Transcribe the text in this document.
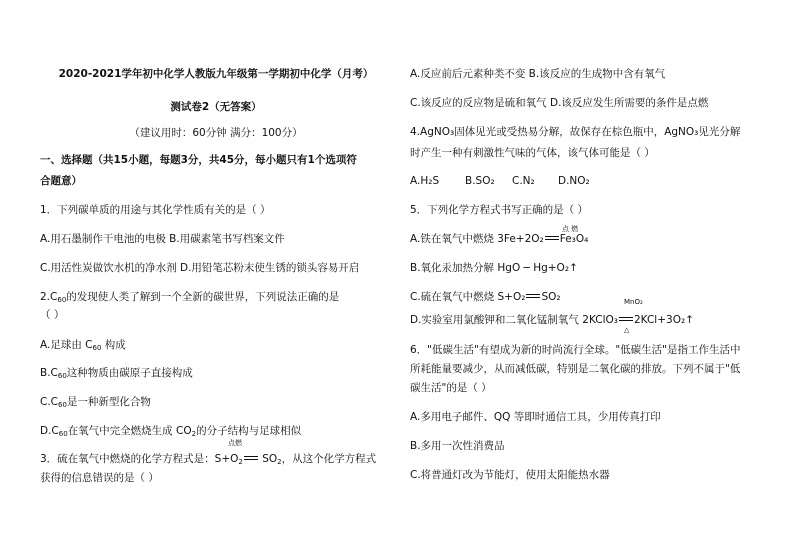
2020-2021学年初中化学人教版九年级第一学期初中化学（月考）
测试卷2（无答案）
（建议用时：60分钟 满分：100分）
一、选择题（共15小题，每题3分，共45分，每小题只有1个选项符
合题意）
1．下列碳单质的用途与其化学性质有关的是（ ）
A.用石墨制作干电池的电极 B.用碳素笔书写档案文件
C.用活性炭做饮水机的净水剂 D.用铅笔芯粉末使生锈的锁头容易开启
$2.C_{60}$的发现使人类了解到一个全新的碳世界，下列说法正确的是
（ ）
A.足球由 $C_{60}$ 构成
$B.C_{60}$这种物质由碳原子直接构成
$C.C_{60}$是一种新型化合物
$D.C_{60}$在氧气中完全燃烧生成 $CO_2$的分子结构与足球相似
点燃
3．硫在氧气中燃烧的化学方程式是：$S+O_2$ $SO_2$，从这个化学方程式
获得的信息错误的是（ ）
A.反应前后元素种类不变 B.该反应的生成物中含有氧气
C.该反应的反应物是硫和氧气 D.该反应发生所需要的条件是点燃
4.AgNO₃固体见光或受热易分解，故保存在棕色瓶中，AgNO₃见光分解
时产生一种有刺激性气味的气体，该气体可能是（ ）
A.H₂S B.SO₂ C.N₂ D.NO₂
5．下列化学方程式书写正确的是（ ）
点 燃
A.铁在氧气中燃烧 3Fe+2O₂ Fe₃O₄
B.氧化汞加热分解 HgO ─ Hg+O₂↑
C.硫在氧气中燃烧 S+O₂ SO₂	MnO₂
D.实验室用氯酸钾和二氧化锰制氧气 2KClO₃ 2KCl+3O₂↑
△
6．"低碳生活"有望成为新的时尚流行全球。"低碳生活"是指工作生活中
所耗能量要减少，从而减低碳，特别是二氧化碳的排放。下列不属于"低
碳生活"的是（ ）
A.多用电子邮件、QQ 等即时通信工具，少用传真打印
B.多用一次性消费品
C.将普通灯改为节能灯，使用太阳能热水器
